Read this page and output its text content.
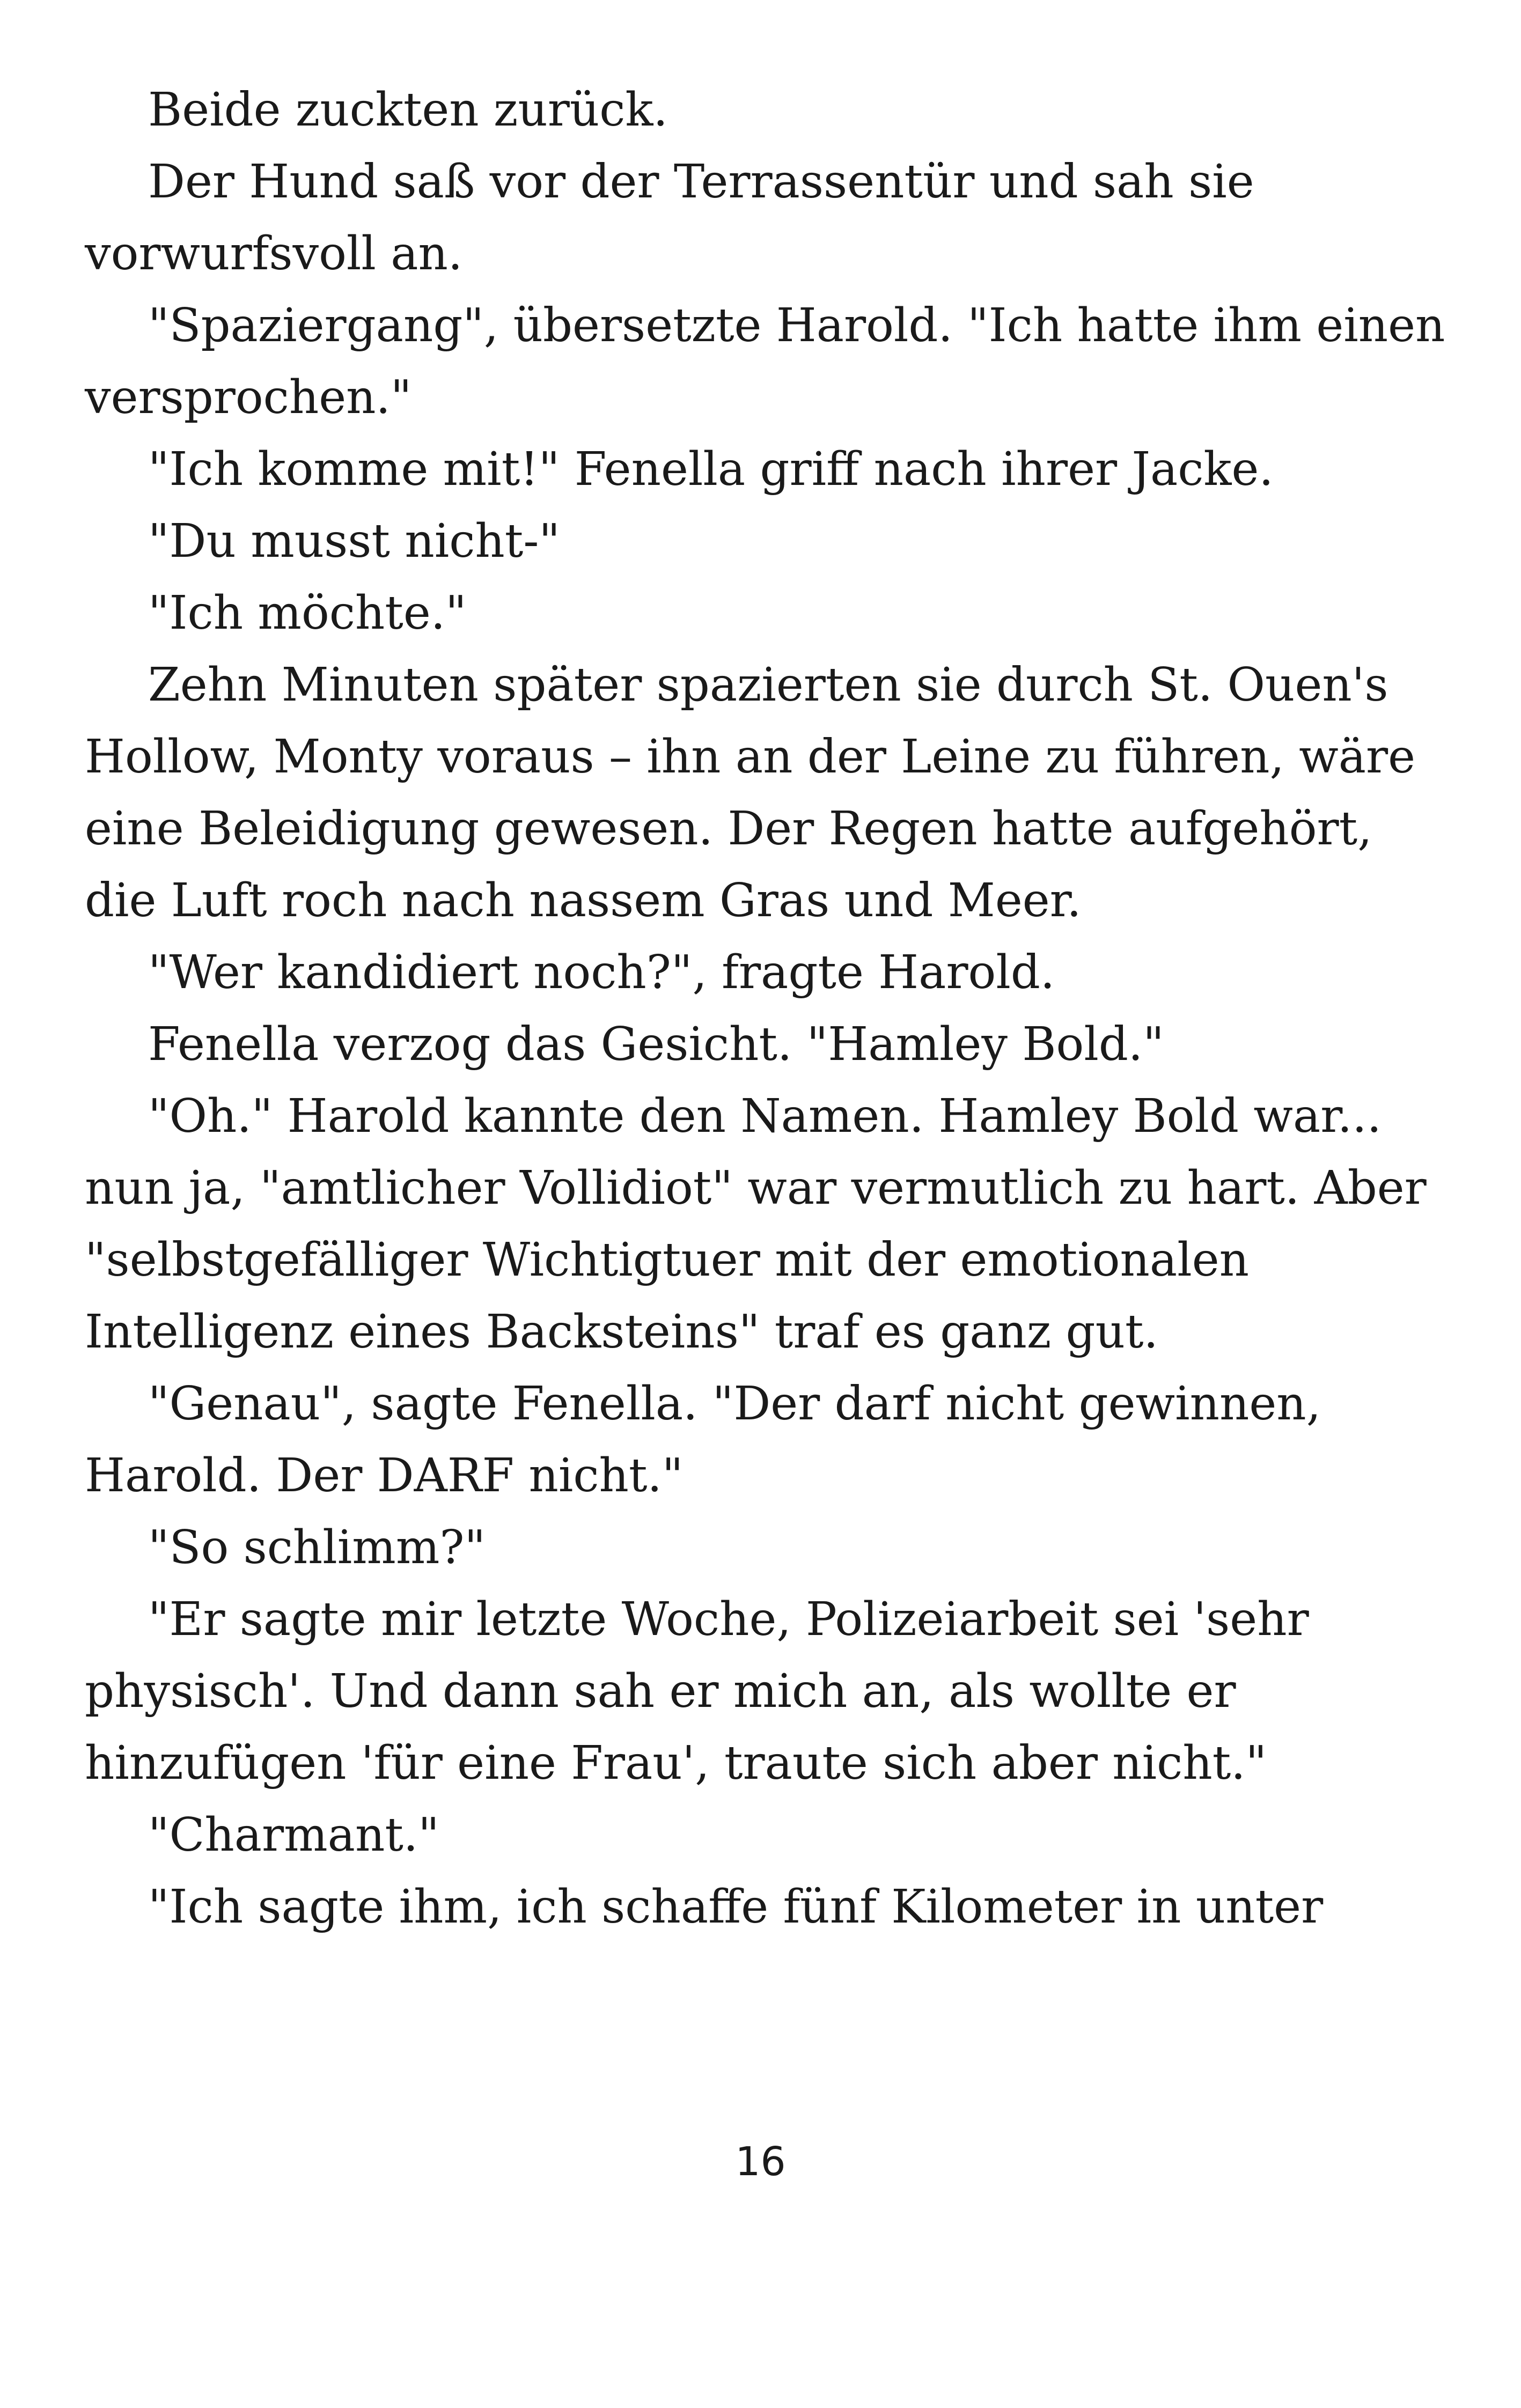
Beide zuckten zurück.

Der Hund saß vor der Terrassentür und sah sie vorwurfsvoll an.

"Spaziergang", übersetzte Harold. "Ich hatte ihm einen versprochen."

"Ich komme mit!" Fenella griff nach ihrer Jacke.

"Du musst nicht-"

"Ich möchte."

Zehn Minuten später spazierten sie durch St. Ouen's Hollow, Monty voraus – ihn an der Leine zu führen, wäre eine Beleidigung gewesen. Der Regen hatte aufgehört, die Luft roch nach nassem Gras und Meer.

"Wer kandidiert noch?", fragte Harold.

Fenella verzog das Gesicht. "Hamley Bold."

"Oh." Harold kannte den Namen. Hamley Bold war... nun ja, "amtlicher Vollidiot" war vermutlich zu hart. Aber "selbstgefälliger Wichtigtuer mit der emotionalen Intelligenz eines Backsteins" traf es ganz gut.

"Genau", sagte Fenella. "Der darf nicht gewinnen, Harold. Der DARF nicht."

"So schlimm?"

"Er sagte mir letzte Woche, Polizeiarbeit sei 'sehr physisch'. Und dann sah er mich an, als wollte er hinzufügen 'für eine Frau', traute sich aber nicht."

"Charmant."

"Ich sagte ihm, ich schaffe fünf Kilometer in unter

16
